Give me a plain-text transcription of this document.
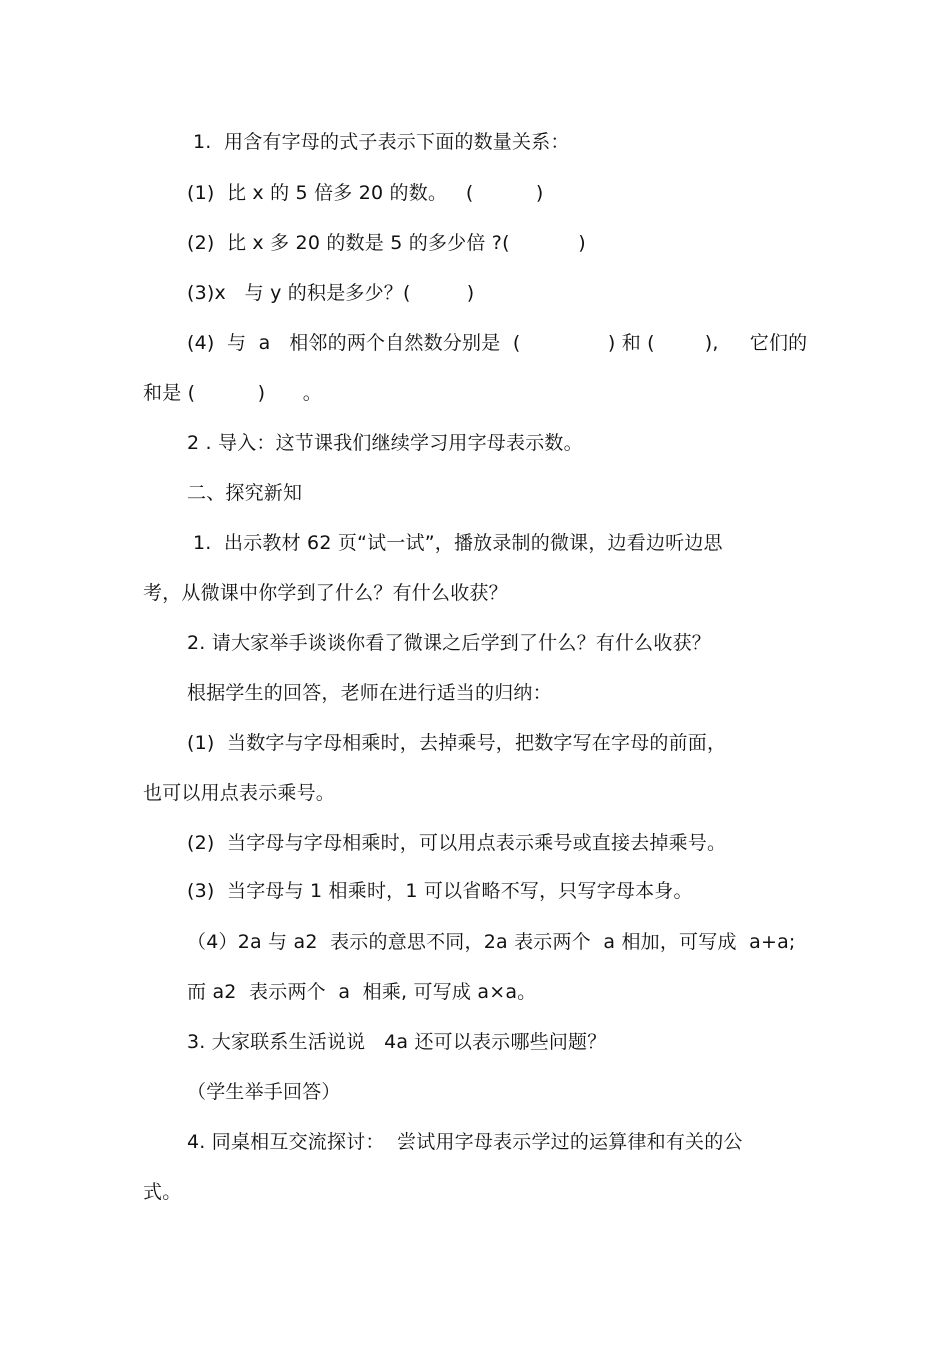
1.  用含有字母的式子表示下面的数量关系：
(1)  比 x 的 5 倍多 20 的数。   (          )
(2)  比 x 多 20 的数是 5 的多少倍 ?(           )
(3)x   与 y 的积是多少？(         )
(4)  与  a   相邻的两个自然数分别是  (              ) 和 (        ),     它们的
和是 (          )      。
2 . 导入：这节课我们继续学习用字母表示数。
二、探究新知
1.  出示教材 62 页“试一试”，播放录制的微课，边看边听边思
考，从微课中你学到了什么？有什么收获？
2. 请大家举手谈谈你看了微课之后学到了什么？有什么收获？
根据学生的回答，老师在进行适当的归纳：
(1)  当数字与字母相乘时，去掉乘号，把数字写在字母的前面，
也可以用点表示乘号。
(2)  当字母与字母相乘时，可以用点表示乘号或直接去掉乘号。
(3)  当字母与 1 相乘时，1 可以省略不写，只写字母本身。
（4）2a 与 a2  表示的意思不同，2a 表示两个  a 相加，可写成  a+a;
而 a2  表示两个  a  相乘, 可写成 a×a。
3. 大家联系生活说说   4a 还可以表示哪些问题？
（学生举手回答）
4. 同桌相互交流探讨：  尝试用字母表示学过的运算律和有关的公
式。
